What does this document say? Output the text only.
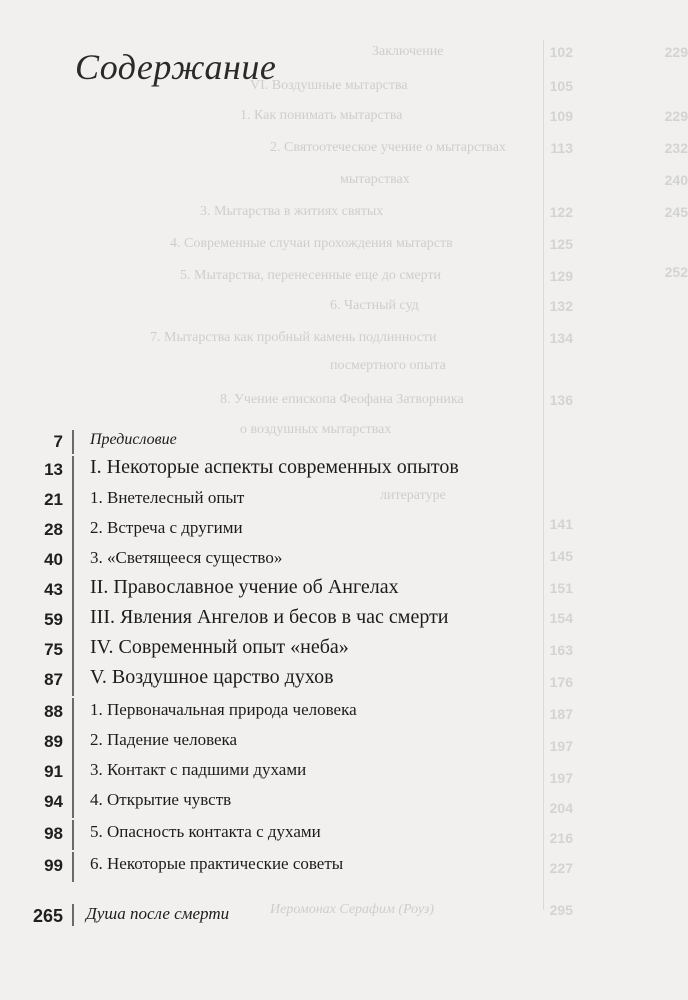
102
Заключение
105
VI. Воздушные мытарства
109
1. Как понимать мытарства
113
2. Святоотеческое учение о мытарствах
мытарствах
122
3. Мытарства в житиях святых
125
4. Современные случаи прохождения мытарств
129
5. Мытарства, перенесенные еще до смерти
132
6. Частный суд
134
7. Мытарства как пробный камень подлинности
посмертного опыта
136
8. Учение епископа Феофана Затворника
о воздушных мытарствах
литературе
141
145
151
154
163
176
187
197
197
204
216
227
295
Иеромонах Серафим (Роуз)
229
229
232
240
245
252
Содержание
7 Предисловие
13 I. Некоторые аспекты современных опытов
21 1. Внетелесный опыт
28 2. Встреча с другими
40 3. «Светящееся существо»
43 II. Православное учение об Ангелах
59 III. Явления Ангелов и бесов в час смерти
75 IV. Современный опыт «неба»
87 V. Воздушное царство духов
88 1. Первоначальная природа человека
89 2. Падение человека
91 3. Контакт с падшими духами
94 4. Открытие чувств
98 5. Опасность контакта с духами
99 6. Некоторые практические советы
265 Душа после смерти
